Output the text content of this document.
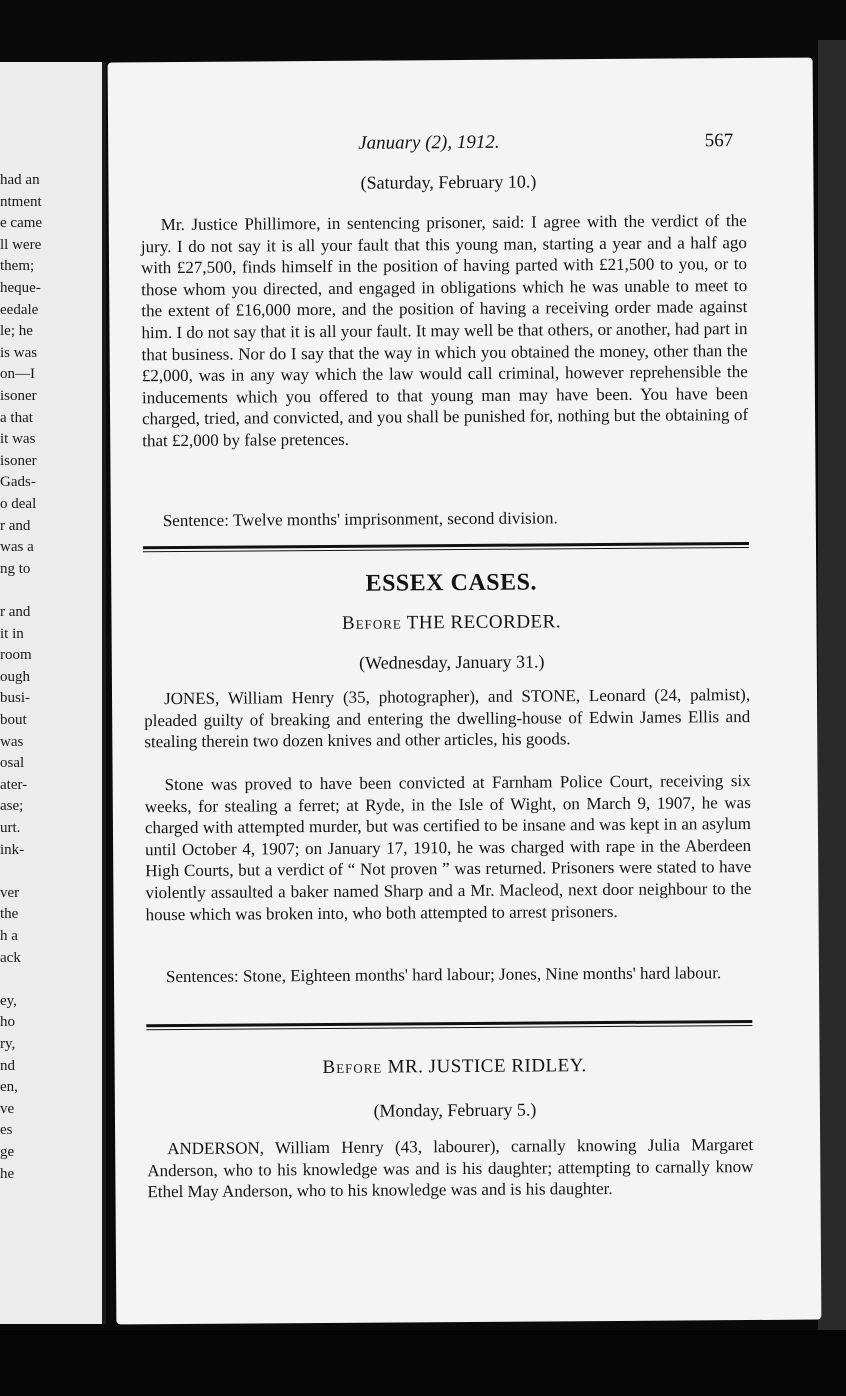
had an
ntment
e came
ll were
them;
heque-
eedale
le; he
is was
on—I
isoner
a that
it was
isoner
Gads-
o deal
r and
was a
ng to
r and
it in
room
ough
busi-
bout
was
osal
ater-
ase;
urt.
ink-
ver
the
h a
ack
ey,
ho
ry,
nd
en,
ve
es
ge
he
January (2), 1912.	567
(Saturday, February 10.)

Mr. Justice Phillimore, in sentencing prisoner, said: I agree with the verdict of the jury. I do not say it is all your fault that this young man, starting a year and a half ago with £27,500, finds himself in the position of having parted with £21,500 to you, or to those whom you directed, and engaged in obligations which he was unable to meet to the extent of £16,000 more, and the position of having a receiving order made against him. I do not say that it is all your fault. It may well be that others, or another, had part in that business. Nor do I say that the way in which you obtained the money, other than the £2,000, was in any way which the law would call criminal, however reprehensible the inducements which you offered to that young man may have been. You have been charged, tried, and convicted, and you shall be punished for, nothing but the obtaining of that £2,000 by false pretences.

Sentence: Twelve months' imprisonment, second division.

ESSEX CASES.
Before THE RECORDER.
(Wednesday, January 31.)

JONES, William Henry (35, photographer), and STONE, Leonard (24, palmist), pleaded guilty of breaking and entering the dwelling-house of Edwin James Ellis and stealing therein two dozen knives and other articles, his goods.

Stone was proved to have been convicted at Farnham Police Court, receiving six weeks, for stealing a ferret; at Ryde, in the Isle of Wight, on March 9, 1907, he was charged with attempted murder, but was certified to be insane and was kept in an asylum until October 4, 1907; on January 17, 1910, he was charged with rape in the Aberdeen High Courts, but a verdict of “ Not proven ” was returned. Prisoners were stated to have violently assaulted a baker named Sharp and a Mr. Macleod, next door neighbour to the house which was broken into, who both attempted to arrest prisoners.

Sentences: Stone, Eighteen months' hard labour; Jones, Nine months' hard labour.

Before MR. JUSTICE RIDLEY.
(Monday, February 5.)

ANDERSON, William Henry (43, labourer), carnally knowing Julia Margaret Anderson, who to his knowledge was and is his daughter; attempting to carnally know Ethel May Anderson, who to his knowledge was and is his daughter.
